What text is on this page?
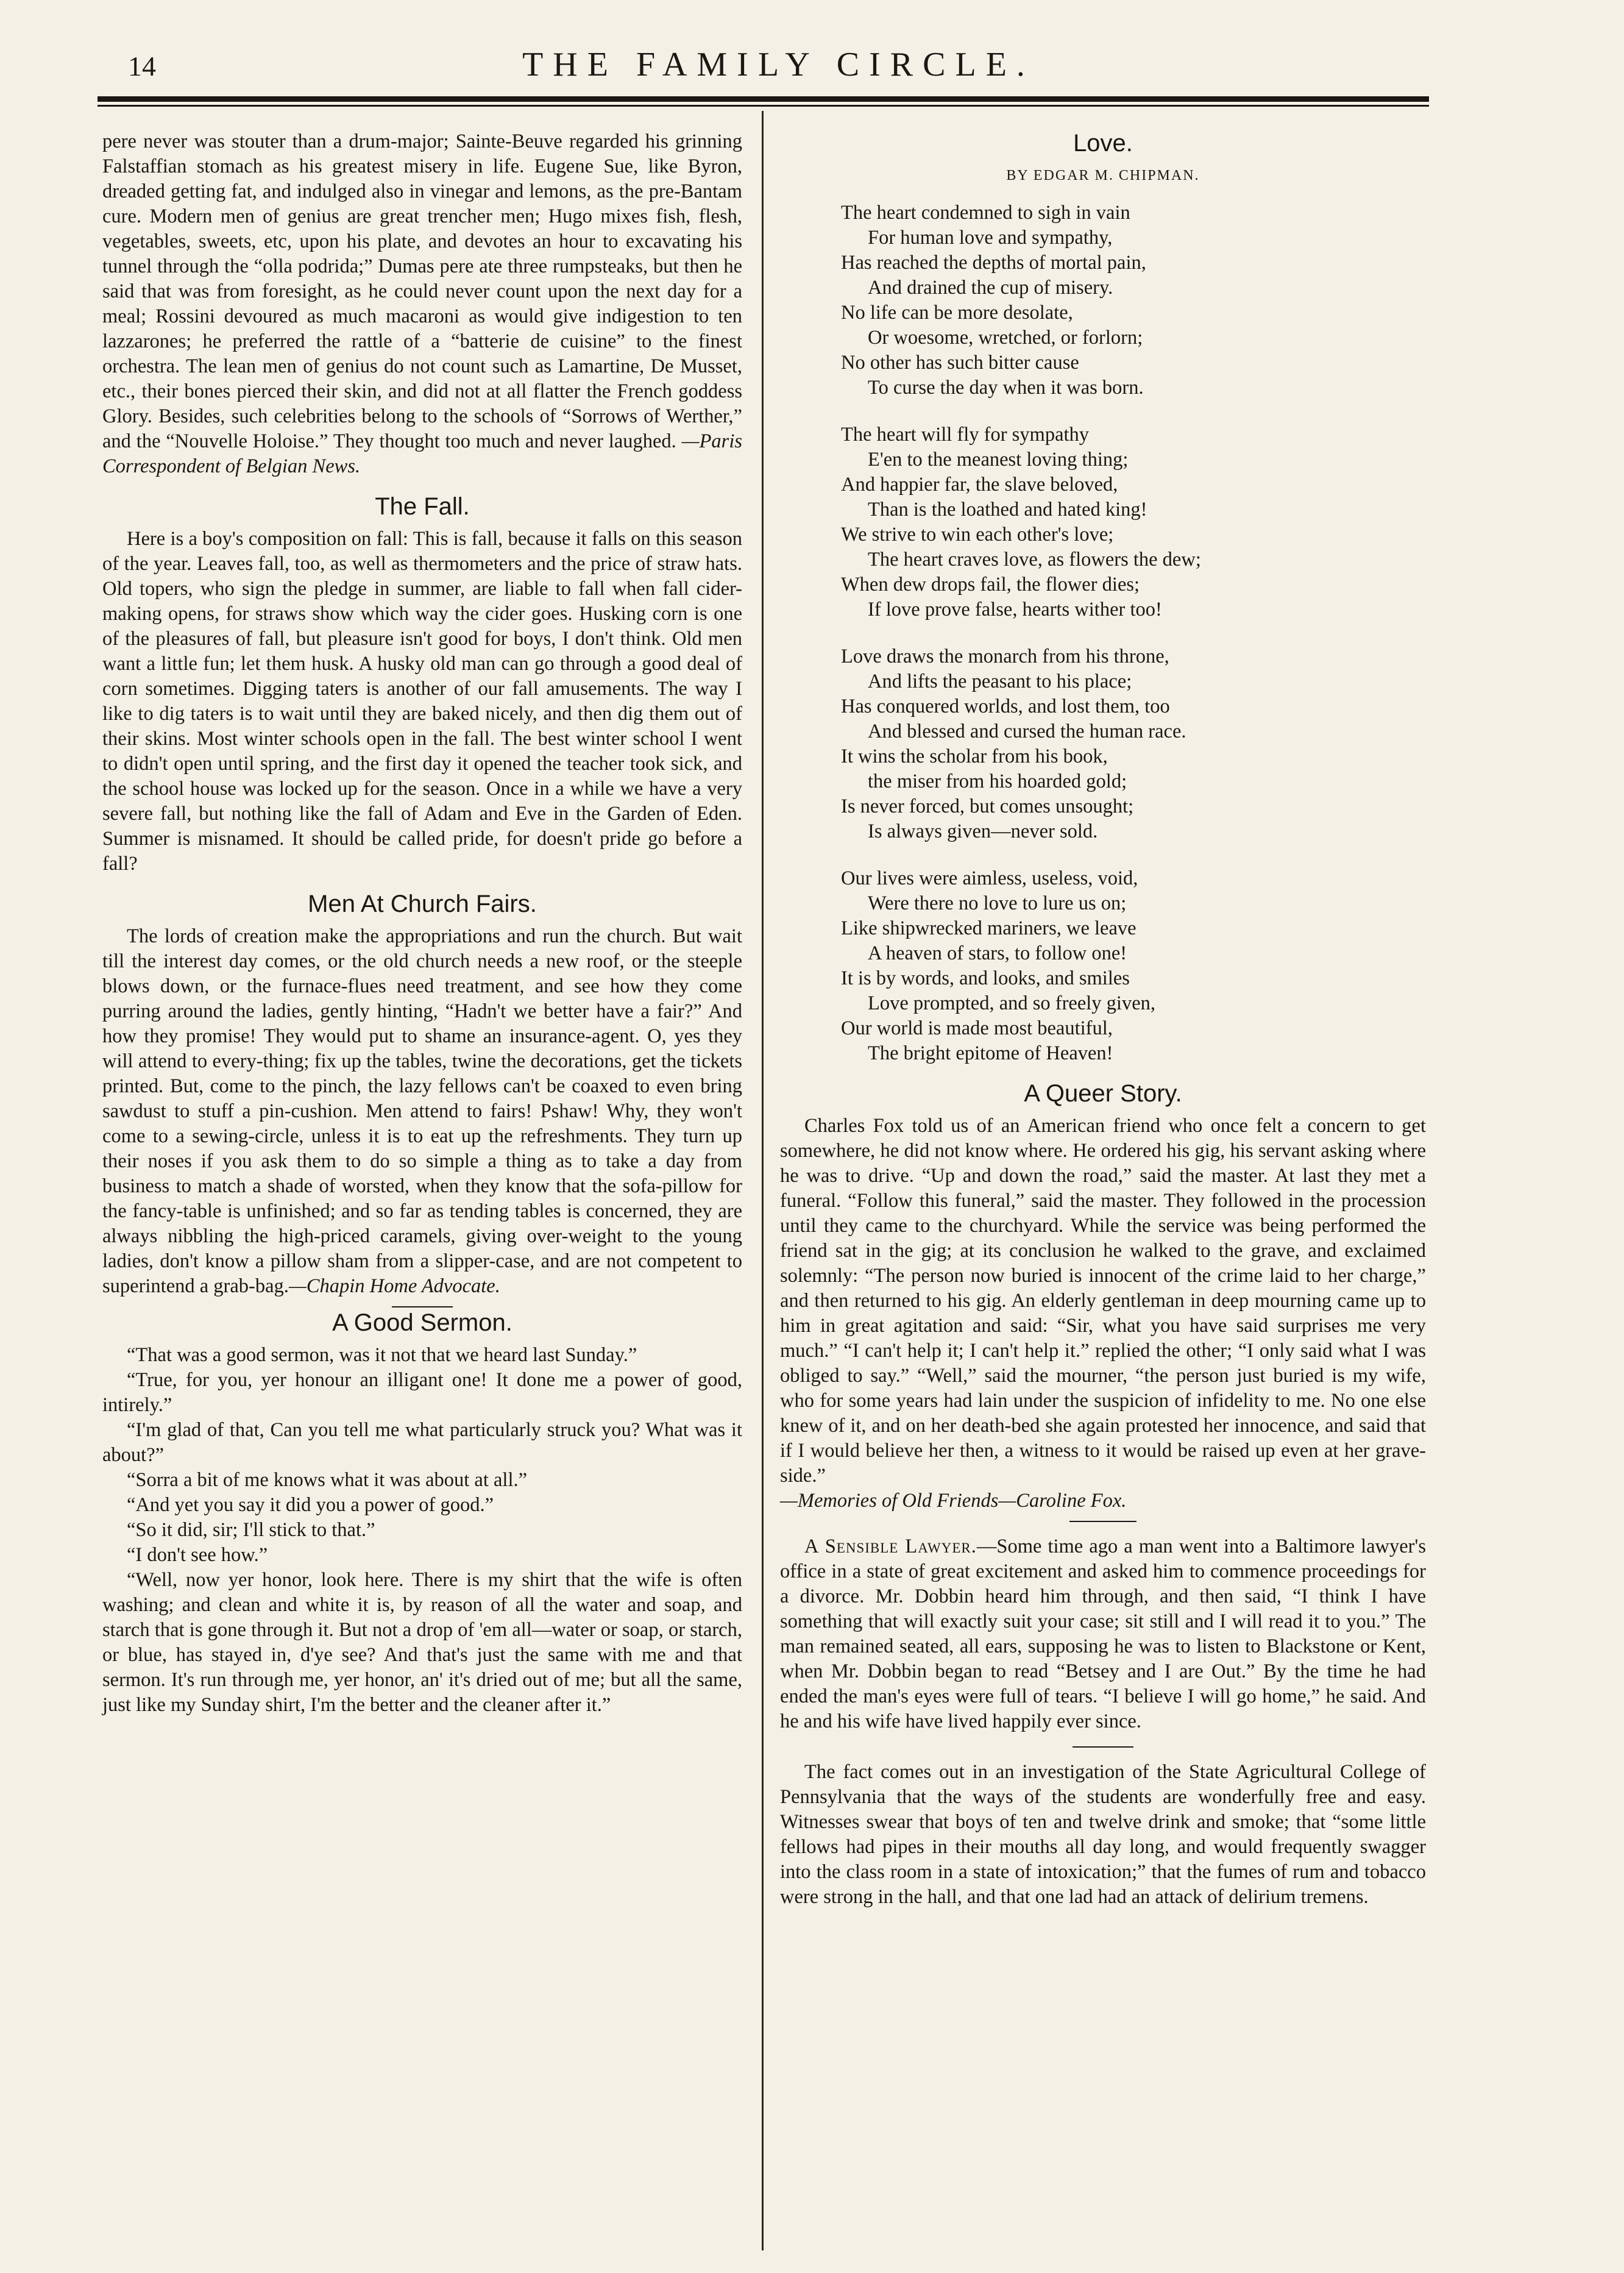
14	THE FAMILY CIRCLE.

pere never was stouter than a drum-major; Sainte-Beuve regarded his grinning Falstaffian stomach as his greatest misery in life. Eugene Sue, like Byron, dreaded getting fat, and indulged also in vinegar and lemons, as the pre-Bantam cure. Modern men of genius are great trencher men; Hugo mixes fish, flesh, vegetables, sweets, etc, upon his plate, and devotes an hour to excavating his tunnel through the “olla podrida;” Dumas pere ate three rumpsteaks, but then he said that was from foresight, as he could never count upon the next day for a meal; Rossini devoured as much macaroni as would give indigestion to ten lazzarones; he preferred the rattle of a “batterie de cuisine” to the finest orchestra. The lean men of genius do not count such as Lamartine, De Musset, etc., their bones pierced their skin, and did not at all flatter the French goddess Glory. Besides, such celebrities belong to the schools of “Sorrows of Werther,” and the “Nouvelle Holoise.” They thought too much and never laughed. —Paris Correspondent of Belgian News.

The Fall.

Here is a boy's composition on fall: This is fall, because it falls on this season of the year. Leaves fall, too, as well as thermometers and the price of straw hats. Old topers, who sign the pledge in summer, are liable to fall when fall cider-making opens, for straws show which way the cider goes. Husking corn is one of the pleasures of fall, but pleasure isn't good for boys, I don't think. Old men want a little fun; let them husk. A husky old man can go through a good deal of corn sometimes. Digging taters is another of our fall amusements. The way I like to dig taters is to wait until they are baked nicely, and then dig them out of their skins. Most winter schools open in the fall. The best winter school I went to didn't open until spring, and the first day it opened the teacher took sick, and the school house was locked up for the season. Once in a while we have a very severe fall, but nothing like the fall of Adam and Eve in the Garden of Eden. Summer is misnamed. It should be called pride, for doesn't pride go before a fall?

Men At Church Fairs.

The lords of creation make the appropriations and run the church. But wait till the interest day comes, or the old church needs a new roof, or the steeple blows down, or the furnace-flues need treatment, and see how they come purring around the ladies, gently hinting, “Hadn't we better have a fair?” And how they promise! They would put to shame an insurance-agent. O, yes they will attend to every-thing; fix up the tables, twine the decorations, get the tickets printed. But, come to the pinch, the lazy fellows can't be coaxed to even bring sawdust to stuff a pin-cushion. Men attend to fairs! Pshaw! Why, they won't come to a sewing-circle, unless it is to eat up the refreshments. They turn up their noses if you ask them to do so simple a thing as to take a day from business to match a shade of worsted, when they know that the sofa-pillow for the fancy-table is unfinished; and so far as tending tables is concerned, they are always nibbling the high-priced caramels, giving over-weight to the young ladies, don't know a pillow sham from a slipper-case, and are not competent to superintend a grab-bag.—Chapin Home Advocate.

A Good Sermon.

“That was a good sermon, was it not that we heard last Sunday.”

“True, for you, yer honour an illigant one! It done me a power of good, intirely.”

“I'm glad of that, Can you tell me what particularly struck you? What was it about?”

“Sorra a bit of me knows what it was about at all.”

“And yet you say it did you a power of good.”

“So it did, sir; I'll stick to that.”

“I don't see how.”

“Well, now yer honor, look here. There is my shirt that the wife is often washing; and clean and white it is, by reason of all the water and soap, and starch that is gone through it. But not a drop of 'em all—water or soap, or starch, or blue, has stayed in, d'ye see? And that's just the same with me and that sermon. It's run through me, yer honor, an' it's dried out of me; but all the same, just like my Sunday shirt, I'm the better and the cleaner after it.”

Love.
BY EDGAR M. CHIPMAN.
The heart condemned to sigh in vain
For human love and sympathy,
Has reached the depths of mortal pain,
And drained the cup of misery.
No life can be more desolate,
Or woesome, wretched, or forlorn;
No other has such bitter cause
To curse the day when it was born.
The heart will fly for sympathy
E'en to the meanest loving thing;
And happier far, the slave beloved,
Than is the loathed and hated king!
We strive to win each other's love;
The heart craves love, as flowers the dew;
When dew drops fail, the flower dies;
If love prove false, hearts wither too!
Love draws the monarch from his throne,
And lifts the peasant to his place;
Has conquered worlds, and lost them, too
And blessed and cursed the human race.
It wins the scholar from his book,
the miser from his hoarded gold;
Is never forced, but comes unsought;
Is always given—never sold.
Our lives were aimless, useless, void,
Were there no love to lure us on;
Like shipwrecked mariners, we leave
A heaven of stars, to follow one!
It is by words, and looks, and smiles
Love prompted, and so freely given,
Our world is made most beautiful,
The bright epitome of Heaven!
A Queer Story.

Charles Fox told us of an American friend who once felt a concern to get somewhere, he did not know where. He ordered his gig, his servant asking where he was to drive. “Up and down the road,” said the master. At last they met a funeral. “Follow this funeral,” said the master. They followed in the procession until they came to the churchyard. While the service was being performed the friend sat in the gig; at its conclusion he walked to the grave, and exclaimed solemnly: “The person now buried is innocent of the crime laid to her charge,” and then returned to his gig. An elderly gentleman in deep mourning came up to him in great agitation and said: “Sir, what you have said surprises me very much.” “I can't help it; I can't help it.” replied the other; “I only said what I was obliged to say.” “Well,” said the mourner, “the person just buried is my wife, who for some years had lain under the suspicion of infidelity to me. No one else knew of it, and on her death-bed she again protested her innocence, and said that if I would believe her then, a witness to it would be raised up even at her grave-side.”
—Memories of Old Friends—Caroline Fox.

A Sensible Lawyer.—Some time ago a man went into a Baltimore lawyer's office in a state of great excitement and asked him to commence proceedings for a divorce. Mr. Dobbin heard him through, and then said, “I think I have something that will exactly suit your case; sit still and I will read it to you.” The man remained seated, all ears, supposing he was to listen to Blackstone or Kent, when Mr. Dobbin began to read “Betsey and I are Out.” By the time he had ended the man's eyes were full of tears. “I believe I will go home,” he said. And he and his wife have lived happily ever since.

The fact comes out in an investigation of the State Agricultural College of Pennsylvania that the ways of the students are wonderfully free and easy. Witnesses swear that boys of ten and twelve drink and smoke; that “some little fellows had pipes in their mouths all day long, and would frequently swagger into the class room in a state of intoxication;” that the fumes of rum and tobacco were strong in the hall, and that one lad had an attack of delirium tremens.
